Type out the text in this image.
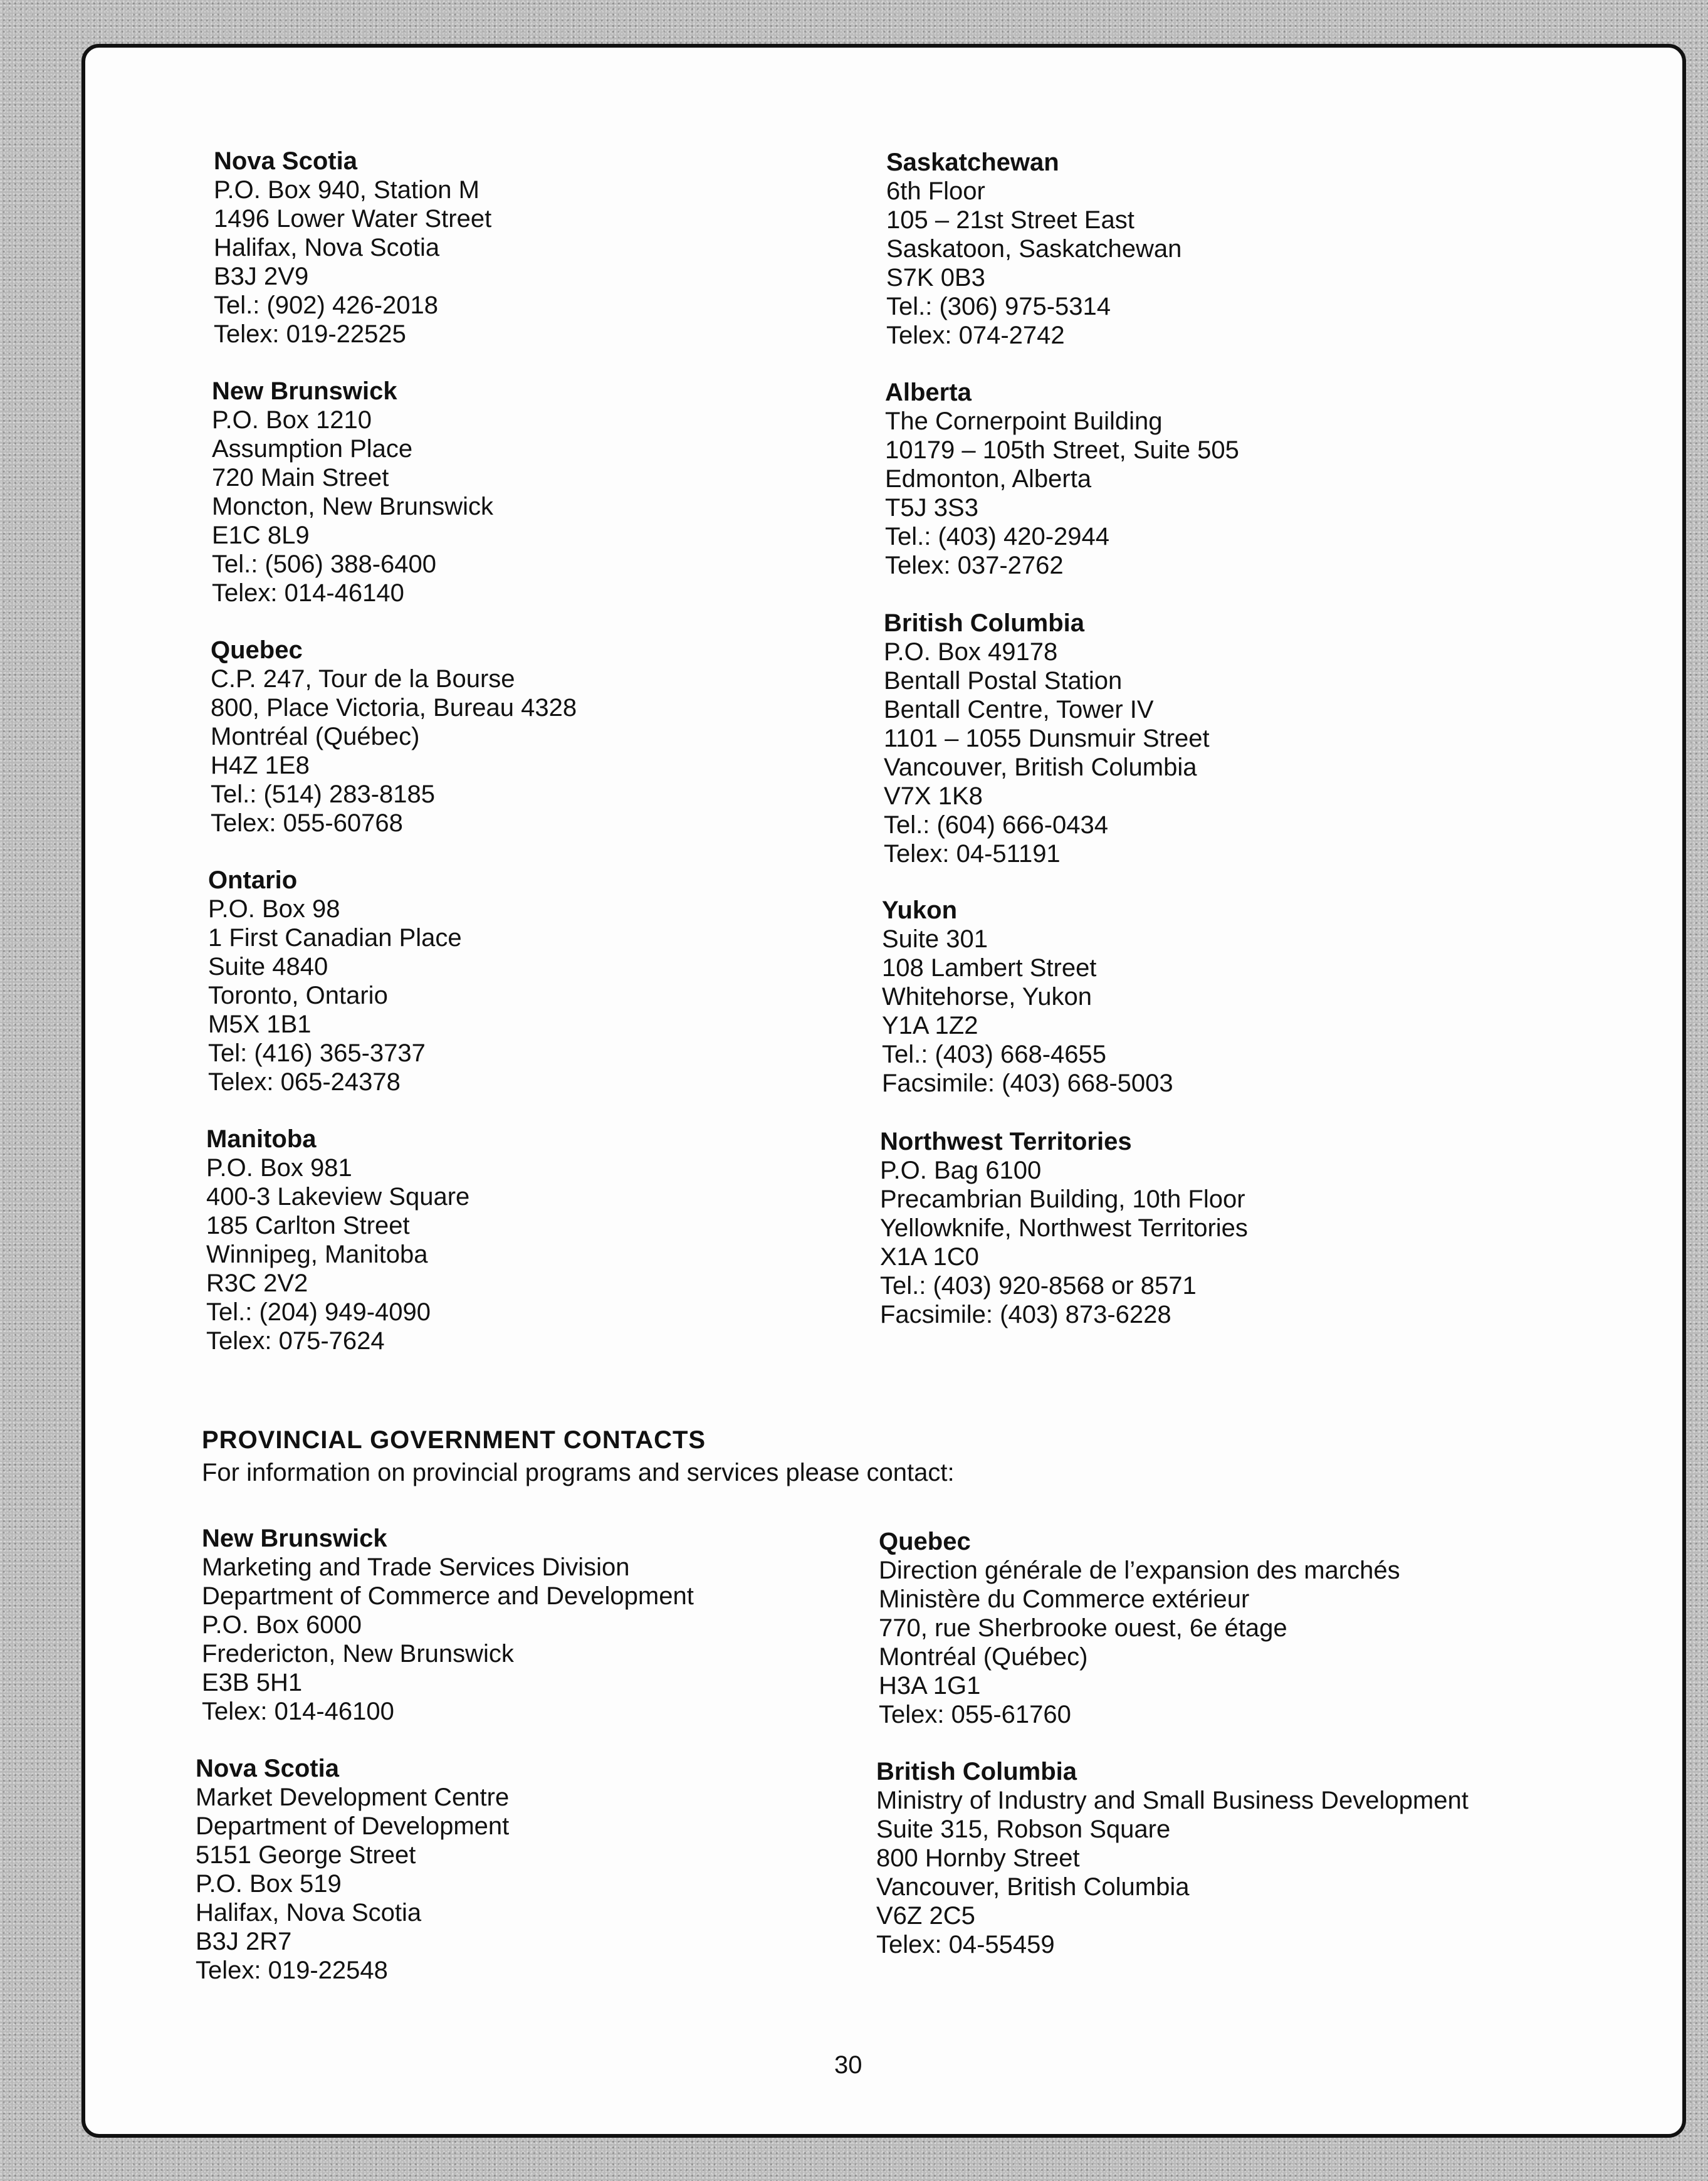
Nova Scotia
P.O. Box 940, Station M
1496 Lower Water Street
Halifax, Nova Scotia
B3J 2V9
Tel.: (902) 426-2018
Telex: 019-22525
New Brunswick
P.O. Box 1210
Assumption Place
720 Main Street
Moncton, New Brunswick
E1C 8L9
Tel.: (506) 388-6400
Telex: 014-46140
Quebec
C.P. 247, Tour de la Bourse
800, Place Victoria, Bureau 4328
Montréal (Québec)
H4Z 1E8
Tel.: (514) 283-8185
Telex: 055-60768
Ontario
P.O. Box 98
1 First Canadian Place
Suite 4840
Toronto, Ontario
M5X 1B1
Tel: (416) 365-3737
Telex: 065-24378
Manitoba
P.O. Box 981
400-3 Lakeview Square
185 Carlton Street
Winnipeg, Manitoba
R3C 2V2
Tel.: (204) 949-4090
Telex: 075-7624
Saskatchewan
6th Floor
105 – 21st Street East
Saskatoon, Saskatchewan
S7K 0B3
Tel.: (306) 975-5314
Telex: 074-2742
Alberta
The Cornerpoint Building
10179 – 105th Street, Suite 505
Edmonton, Alberta
T5J 3S3
Tel.: (403) 420-2944
Telex: 037-2762
British Columbia
P.O. Box 49178
Bentall Postal Station
Bentall Centre, Tower IV
1101 – 1055 Dunsmuir Street
Vancouver, British Columbia
V7X 1K8
Tel.: (604) 666-0434
Telex: 04-51191
Yukon
Suite 301
108 Lambert Street
Whitehorse, Yukon
Y1A 1Z2
Tel.: (403) 668-4655
Facsimile: (403) 668-5003
Northwest Territories
P.O. Bag 6100
Precambrian Building, 10th Floor
Yellowknife, Northwest Territories
X1A 1C0
Tel.: (403) 920-8568 or 8571
Facsimile: (403) 873-6228
PROVINCIAL GOVERNMENT CONTACTS
For information on provincial programs and services please contact:
New Brunswick
Marketing and Trade Services Division
Department of Commerce and Development
P.O. Box 6000
Fredericton, New Brunswick
E3B 5H1
Telex: 014-46100
Nova Scotia
Market Development Centre
Department of Development
5151 George Street
P.O. Box 519
Halifax, Nova Scotia
B3J 2R7
Telex: 019-22548
Quebec
Direction générale de l’expansion des marchés
Ministère du Commerce extérieur
770, rue Sherbrooke ouest, 6e étage
Montréal (Québec)
H3A 1G1
Telex: 055-61760
British Columbia
Ministry of Industry and Small Business Development
Suite 315, Robson Square
800 Hornby Street
Vancouver, British Columbia
V6Z 2C5
Telex: 04-55459
30
